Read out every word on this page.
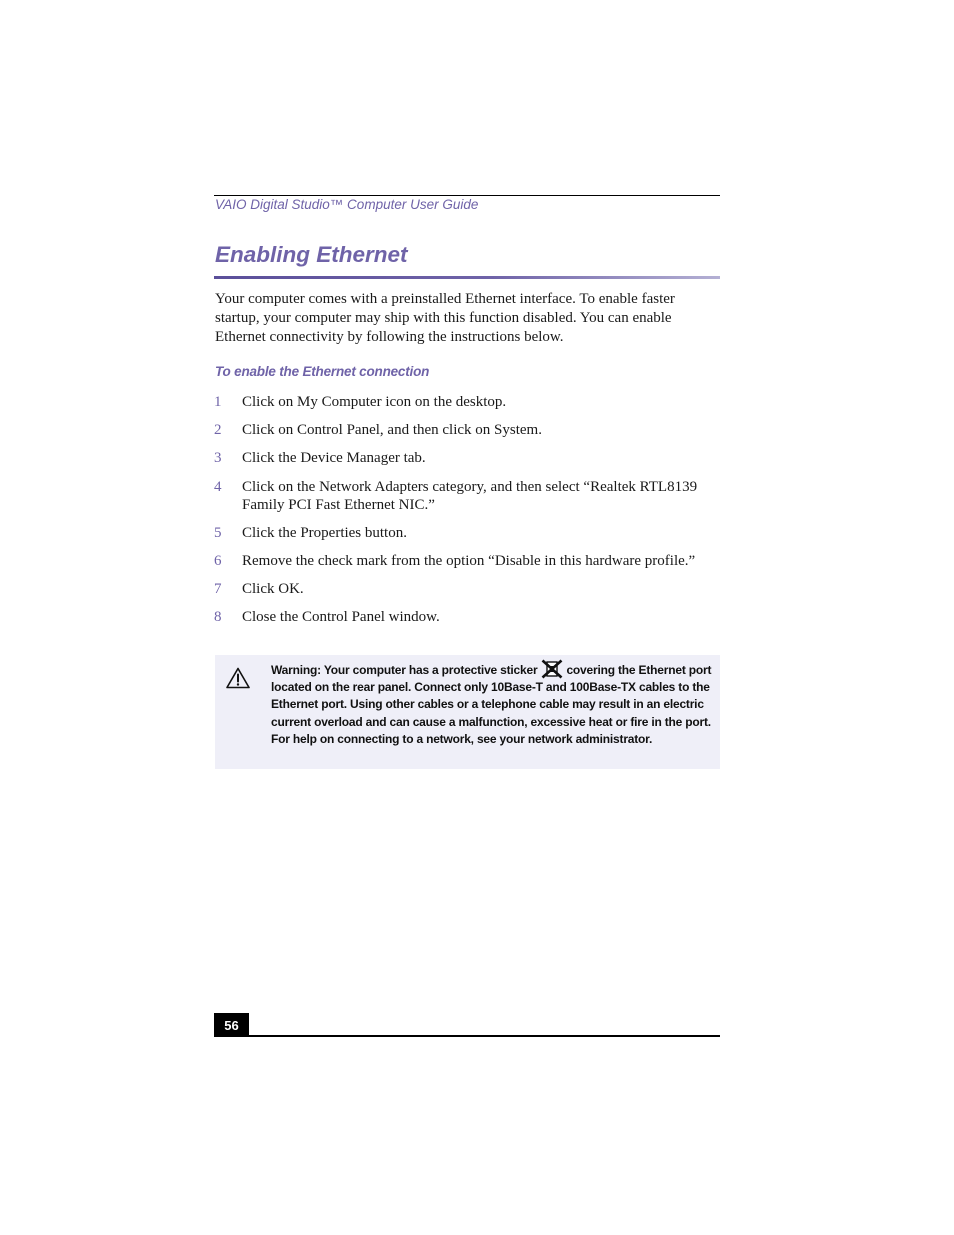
VAIO Digital Studio™ Computer User Guide
Enabling Ethernet

Your computer comes with a preinstalled Ethernet interface. To enable faster startup, your computer may ship with this function disabled. You can enable Ethernet connectivity by following the instructions below.

To enable the Ethernet connection
1 Click on My Computer icon on the desktop.
2 Click on Control Panel, and then click on System.
3 Click the Device Manager tab.
4 Click on the Network Adapters category, and then select “Realtek RTL8139 Family PCI Fast Ethernet NIC.”
5 Click the Properties button.
6 Remove the check mark from the option “Disable in this hardware profile.”
7 Click OK.
8 Close the Control Panel window.

Warning: Your computer has a protective sticker covering the Ethernet port located on the rear panel. Connect only 10Base-T and 100Base-TX cables to the Ethernet port. Using other cables or a telephone cable may result in an electric current overload and can cause a malfunction, excessive heat or fire in the port. For help on connecting to a network, see your network administrator.

56
